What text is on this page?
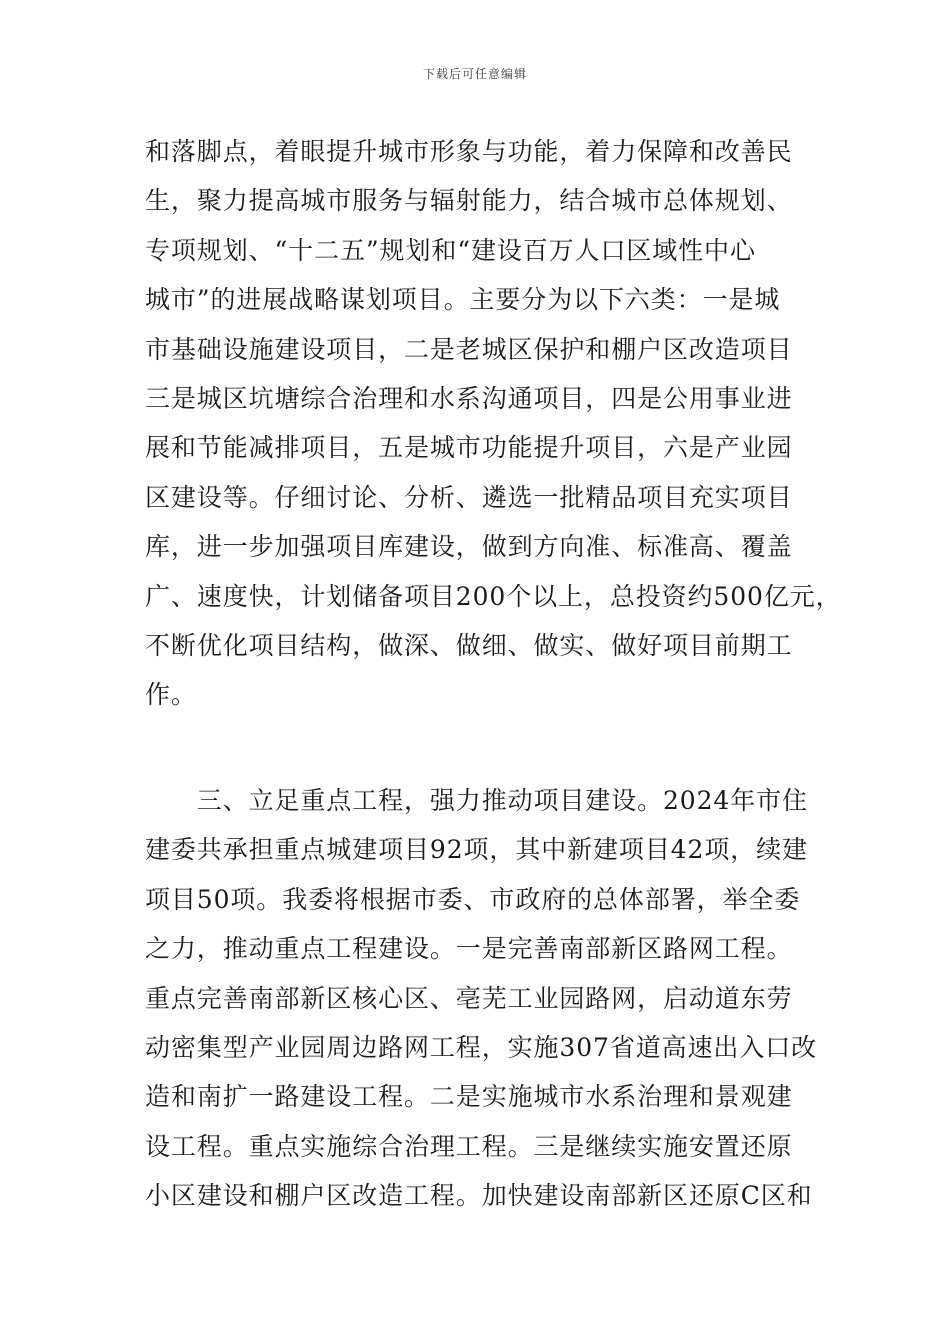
下载后可任意编辑
和落脚点，着眼提升城市形象与功能，着力保障和改善民
生，聚力提高城市服务与辐射能力，结合城市总体规划、
专项规划、“十二五”规划和“建设百万人口区域性中心
城市”的进展战略谋划项目。主要分为以下六类：一是城
市基础设施建设项目，二是老城区保护和棚户区改造项目
三是城区坑塘综合治理和水系沟通项目，四是公用事业进
展和节能减排项目，五是城市功能提升项目，六是产业园
区建设等。仔细讨论、分析、遴选一批精品项目充实项目
库，进一步加强项目库建设，做到方向准、标准高、覆盖
广、速度快，计划储备项目200个以上，总投资约500亿元，
不断优化项目结构，做深、做细、做实、做好项目前期工
作。
　　三、立足重点工程，强力推动项目建设。2024年市住
建委共承担重点城建项目92项，其中新建项目42项，续建
项目50项。我委将根据市委、市政府的总体部署，举全委
之力，推动重点工程建设。一是完善南部新区路网工程。
重点完善南部新区核心区、亳芜工业园路网，启动道东劳
动密集型产业园周边路网工程，实施307省道高速出入口改
造和南扩一路建设工程。二是实施城市水系治理和景观建
设工程。重点实施综合治理工程。三是继续实施安置还原
小区建设和棚户区改造工程。加快建设南部新区还原C区和
